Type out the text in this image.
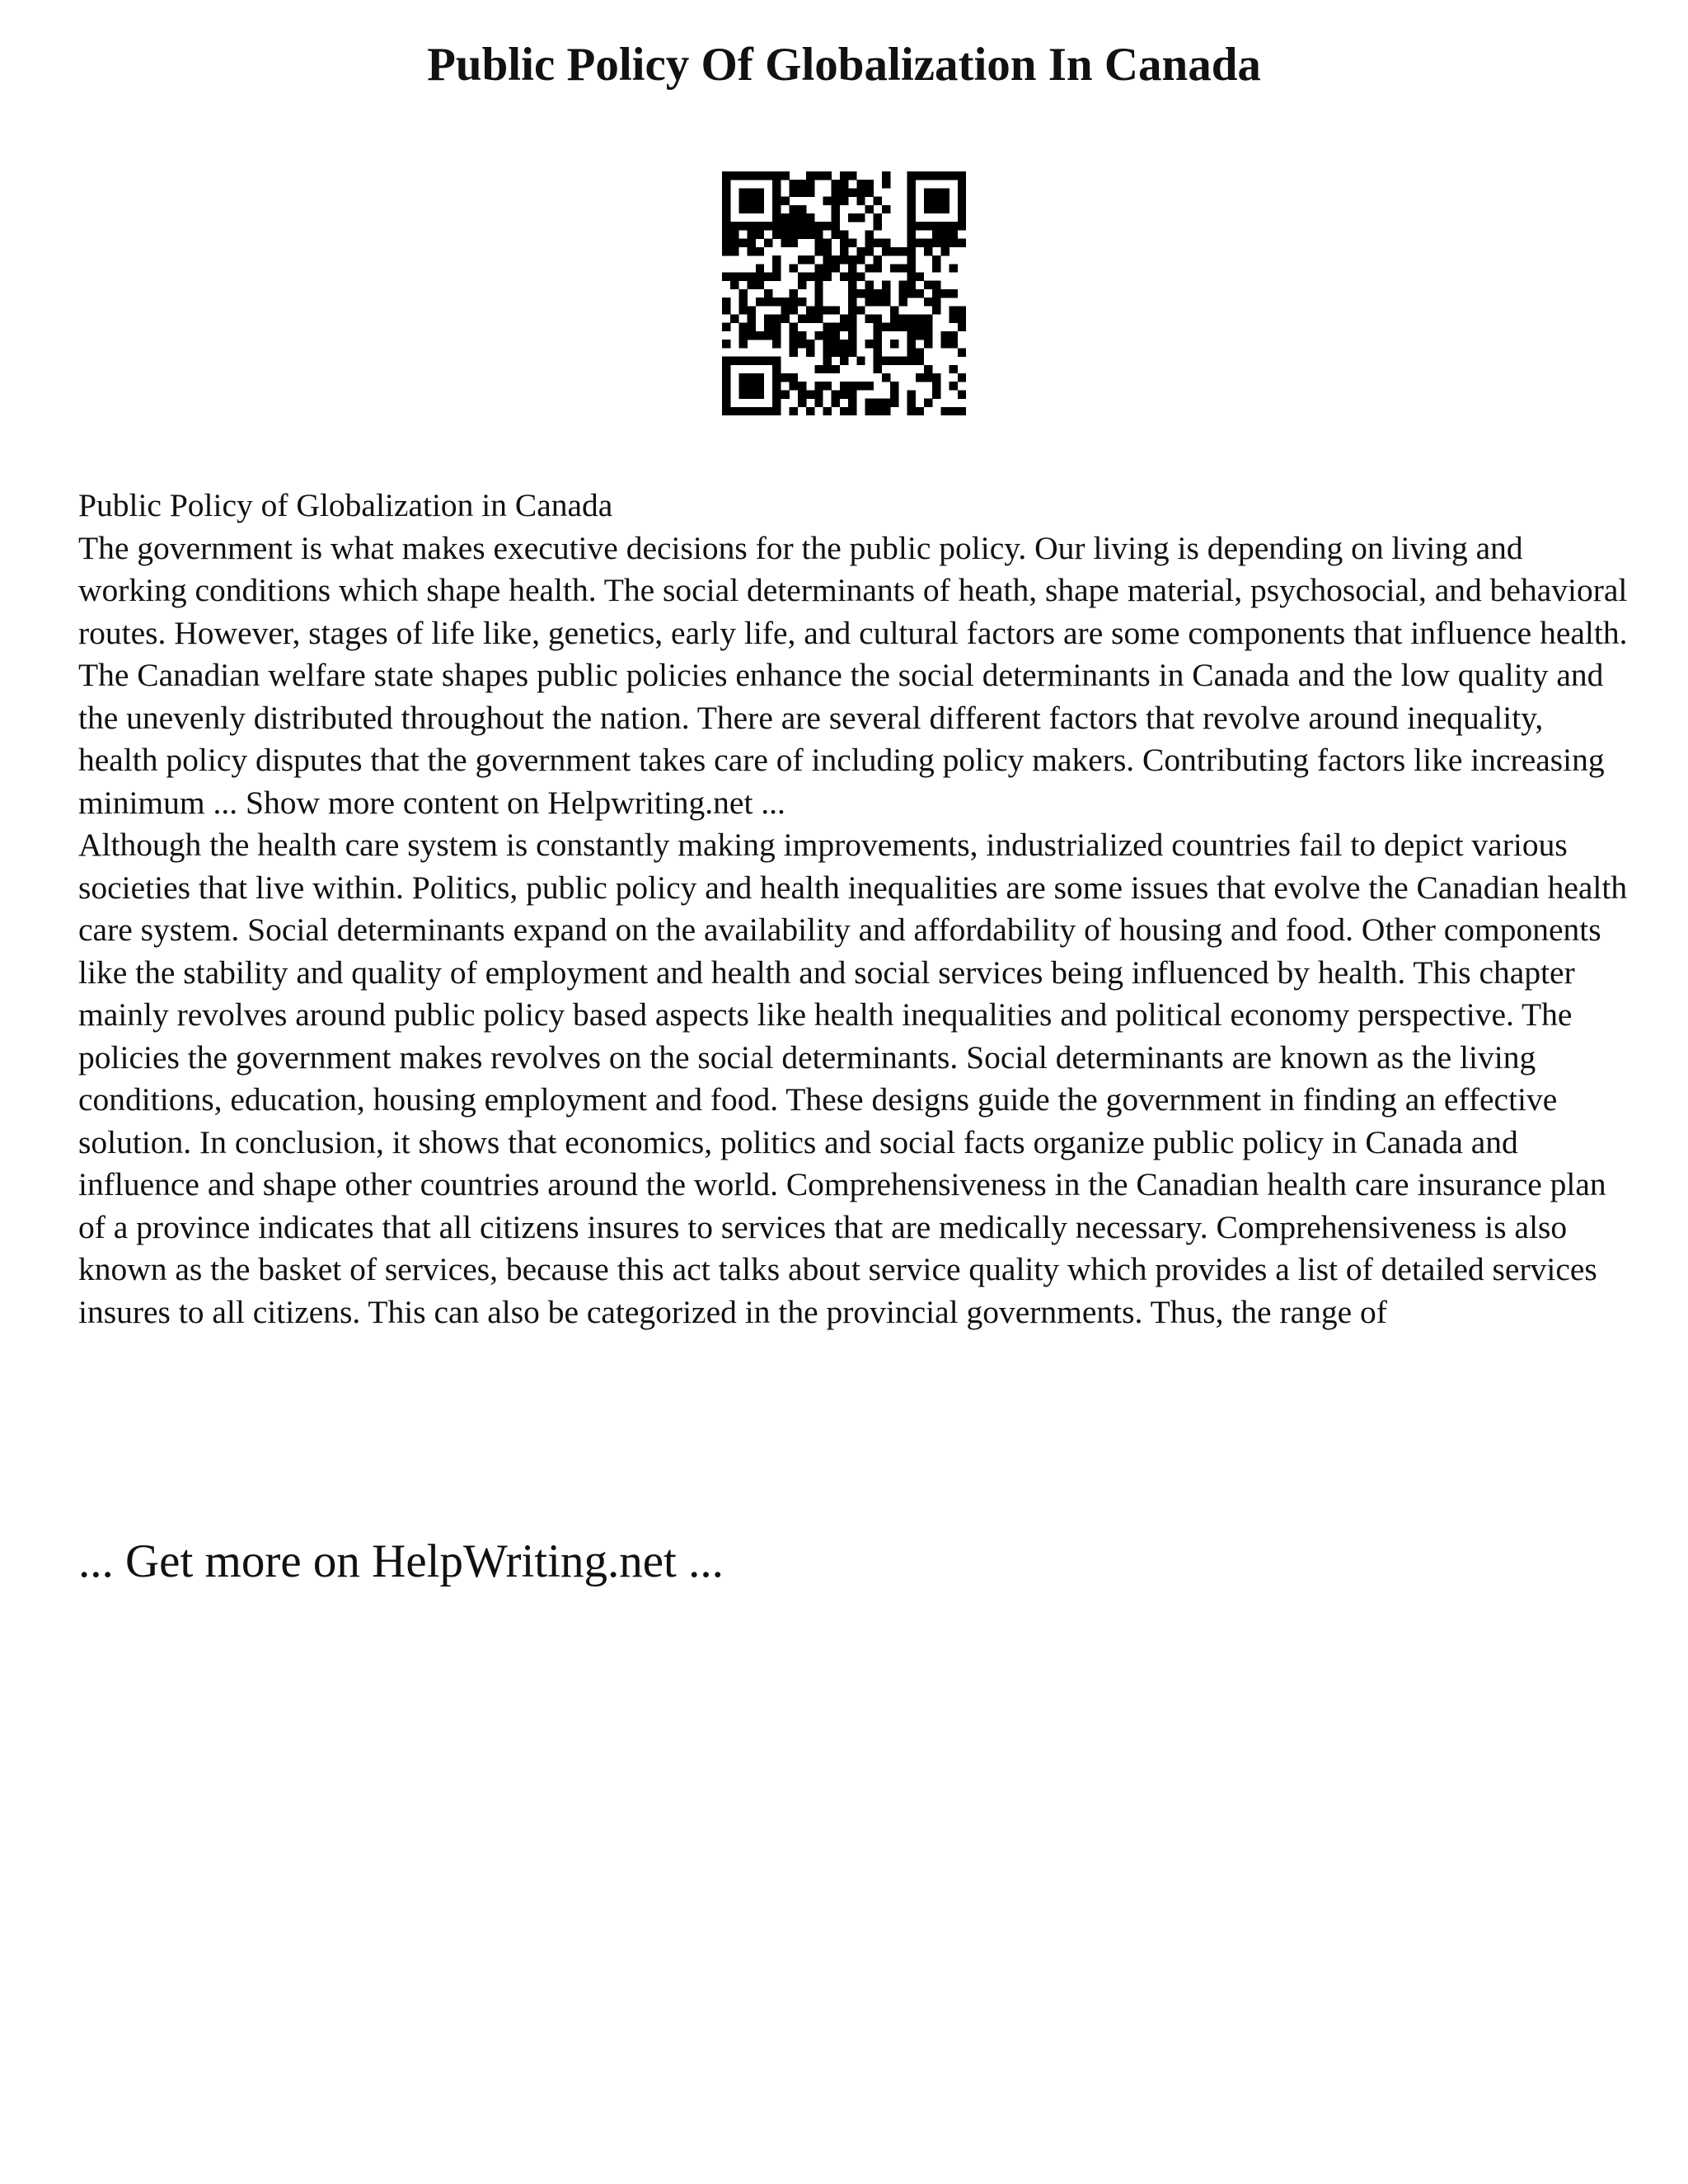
Public Policy Of Globalization In Canada

Public Policy of Globalization in Canada

The government is what makes executive decisions for the public policy. Our living is depending on living and working conditions which shape health. The social determinants of heath, shape material, psychosocial, and behavioral routes. However, stages of life like, genetics, early life, and cultural factors are some components that influence health. The Canadian welfare state shapes public policies enhance the social determinants in Canada and the low quality and the unevenly distributed throughout the nation. There are several different factors that revolve around inequality, health policy disputes that the government takes care of including policy makers. Contributing factors like increasing minimum ... Show more content on Helpwriting.net ...

Although the health care system is constantly making improvements, industrialized countries fail to depict various societies that live within. Politics, public policy and health inequalities are some issues that evolve the Canadian health care system. Social determinants expand on the availability and affordability of housing and food. Other components like the stability and quality of employment and health and social services being influenced by health. This chapter mainly revolves around public policy based aspects like health inequalities and political economy perspective. The policies the government makes revolves on the social determinants. Social determinants are known as the living conditions, education, housing employment and food. These designs guide the government in finding an effective solution. In conclusion, it shows that economics, politics and social facts organize public policy in Canada and influence and shape other countries around the world. Comprehensiveness in the Canadian health care insurance plan of a province indicates that all citizens insures to services that are medically necessary. Comprehensiveness is also known as the basket of services, because this act talks about service quality which provides a list of detailed services insures to all citizens. This can also be categorized in the provincial governments. Thus, the range of

... Get more on HelpWriting.net ...
